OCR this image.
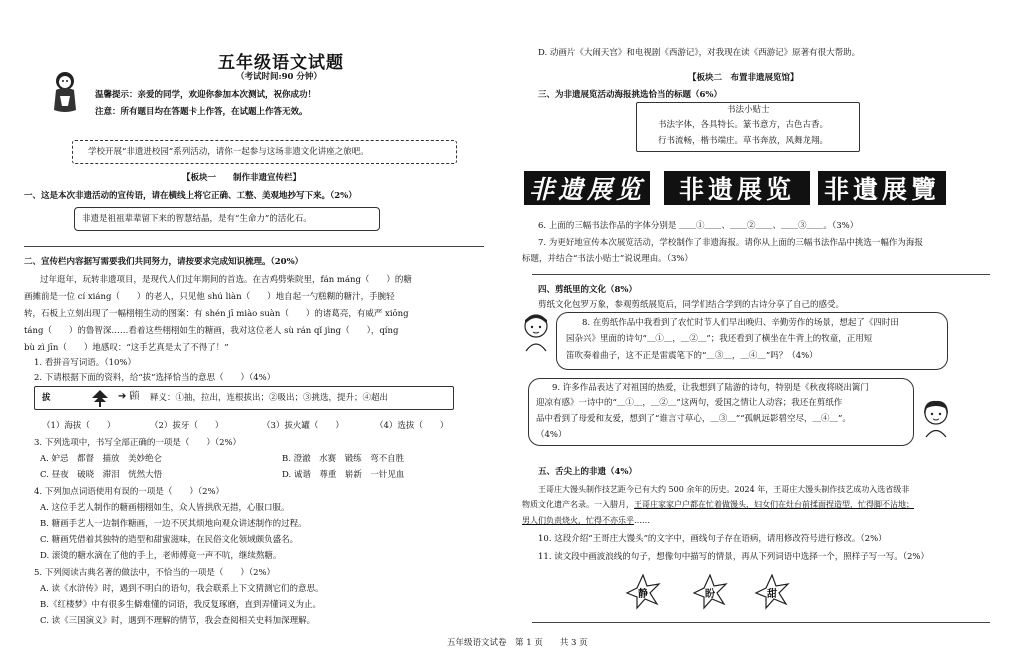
五年级语文试题
（考试时间:90 分钟）
温馨提示：亲爱的同学，欢迎你参加本次测试，祝你成功！
注意：所有题目均在答题卡上作答，在试题上作答无效。
学校开展“非遗进校园”系列活动，请你一起参与这场非遗文化讲座之旅吧。
【板块一　　制作非遗宣传栏】
一、这是本次非遗活动的宣传语，请在横线上将它正确、工整、美观地抄写下来。（2%）
非遗是祖祖辈辈留下来的智慧结晶，是有“生命力”的活化石。
二、宣传栏内容据写需要我们共同努力，请按要求完成知识梳理。（20%）
过年逛年，玩转非遗项目，是现代人们过年期间的首选。在吉鸡劈柴院里，fán máng（　　）的糖
画摊前是一位 cí xiáng（　　）的老人，只见他 shú liàn（　　）地自起一勺糕糊的糖汁，手腕轻
转，石板上立刻出现了一幅栩栩生动的图案：有 shén jī miào suàn（　　）的诸葛亮，有威严 xiōng
táng（　　）的鲁智深……看着这些栩栩如生的糖画，我对这位老人 sù rán qǐ jìng（　　），qíng
bù zì jīn（　　）地感叹：“这手艺真是太了不得了！”
1. 看拼音写词语。（10%）
2. 下请根据下面的资料，给“拔”选择恰当的意思（　　）（4%）
拔	➔ 𢩡 释义：①抽，拉出，连根拔出；②吸出；③挑选，提升；④超出
（1）海拔（　　）	（2）拔牙（　　）	（3）拔火罐（　　）	（4）选拔（　　）
3. 下列选项中，书写全部正确的一项是（　　）（2%）
A. 妒忌　都督　描放　美妙绝仑	B. 澄澈　水赛　锻练　弯不自胜
C. 昼夜　破晓　滞泪　恍然大悟	D. 诚谐　尊重　崭新　一针见血
4. 下列加点词语使用有误的一项是（　　）（2%）
A. 这位手艺人制作的糖画栩栩如生，众人皆拱欣无措，心服口服。
B. 糖画手艺人一边制作糖画，一边不厌其烦地向观众讲述制作的过程。
C. 糖画凭借着其独特的造型和甜蜜滋味，在民俗文化领域颇负盛名。
D. 滚烫的糖水滴在了他的手上，老师傅竟一声不吭，继续熬糖。
5. 下列阅读古典名著的做法中，不恰当的一项是（　　）（2%）
A. 读《水浒传》时，遇到不明白的语句，我会联系上下文猜测它们的意思。
B.《红楼梦》中有很多生僻难懂的词语，我反复琢磨，直到弄懂词义为止。
C. 读《三国演义》时，遇到不理解的情节，我会查阅相关史料加深理解。
D. 动画片《大闹天宫》和电视剧《西游记》，对我现在读《西游记》原著有很大帮助。
【板块二　布置非遗展览馆】
三、为非遗展览活动海报挑选恰当的标题（6%）
书法小贴士
书法字体，各具特长。篆书意方，古色古香。
行书流畅，楷书端庄。草书奔放，风舞龙翔。
非遗展览	非遗展览	非遺展覽
6. 上面的三幅书法作品的字体分别是 ＿＿①＿＿、＿＿②＿＿、＿＿③＿＿。（3%）
7. 为更好地宣传本次展览活动，学校制作了非遗海报。请你从上面的三幅书法作品中挑选一幅作为海报
标题，并结合“书法小贴士”说说理由。（3%）
四、剪纸里的文化（8%）
剪纸文化包罗万象，参观剪纸展览后，同学们结合学到的古诗分享了自己的感受。
8. 在剪纸作品中我看到了农忙时节人们早出晚归、辛勤劳作的场景，想起了《四时田
园杂兴》里面的诗句“＿①＿，＿②＿”；我还看到了横坐在牛背上的牧童，正用短
笛吹奏着曲子，这不正是雷震笔下的“＿③＿，＿④＿”吗？（4%）
9. 许多作品表达了对祖国的热爱，让我想到了陆游的诗句，特别是《秋夜将晓出篱门
迎凉有感》一诗中的“＿①＿，＿②＿”这两句，爱国之情让人动容；我还在剪纸作
品中看到了母爱和友爱，想到了“谁言寸草心，＿③＿”“孤帆远影碧空尽，＿④＿”。
（4%）
五、舌尖上的非遗（4%）
王哥庄大馒头制作技艺距今已有大约 500 余年的历史。2024 年，王哥庄大馒头制作技艺成功入选省级非
物质文化遗产名录。一入腊月，王哥庄家家户户都在忙着做馒头，妇女们在灶台前揉面捏造型，忙得脚不沾地；
男人们负责烧火，忙得不亦乐乎……
10. 这段介绍“王哥庄大馒头”的文字中，画线句子存在语病，请用修改符号进行修改。（2%）
11. 读文段中画波浪线的句子，想像句中描写的情景，再从下列词语中选择一个，照样子写一写。（2%）
静	盼	甜
五年级语文试卷　第 1 页　　共 3 页
